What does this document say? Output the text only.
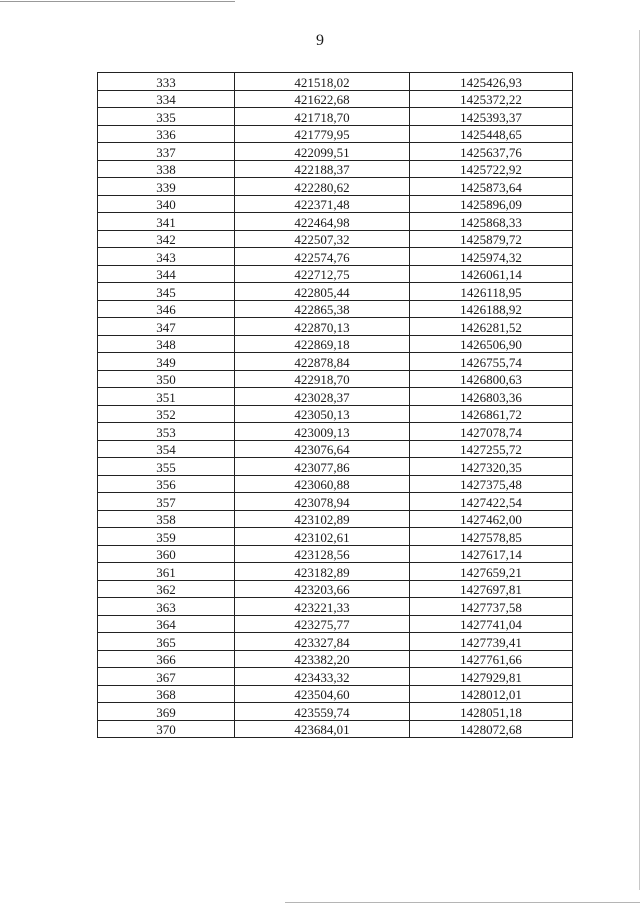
9
333	421518,02	1425426,93
334	421622,68	1425372,22
335	421718,70	1425393,37
336	421779,95	1425448,65
337	422099,51	1425637,76
338	422188,37	1425722,92
339	422280,62	1425873,64
340	422371,48	1425896,09
341	422464,98	1425868,33
342	422507,32	1425879,72
343	422574,76	1425974,32
344	422712,75	1426061,14
345	422805,44	1426118,95
346	422865,38	1426188,92
347	422870,13	1426281,52
348	422869,18	1426506,90
349	422878,84	1426755,74
350	422918,70	1426800,63
351	423028,37	1426803,36
352	423050,13	1426861,72
353	423009,13	1427078,74
354	423076,64	1427255,72
355	423077,86	1427320,35
356	423060,88	1427375,48
357	423078,94	1427422,54
358	423102,89	1427462,00
359	423102,61	1427578,85
360	423128,56	1427617,14
361	423182,89	1427659,21
362	423203,66	1427697,81
363	423221,33	1427737,58
364	423275,77	1427741,04
365	423327,84	1427739,41
366	423382,20	1427761,66
367	423433,32	1427929,81
368	423504,60	1428012,01
369	423559,74	1428051,18
370	423684,01	1428072,68
